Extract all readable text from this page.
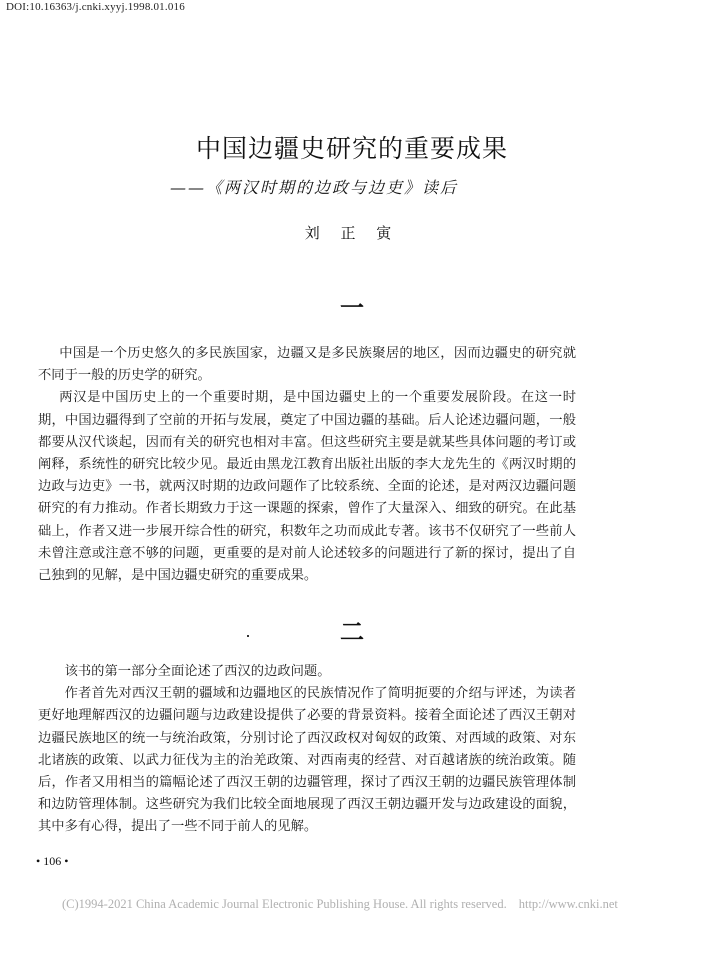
DOI:10.16363/j.cnki.xyyj.1998.01.016
中国边疆史研究的重要成果
——《两汉时期的边政与边吏》读后
刘 正 寅
一

中国是一个历史悠久的多民族国家，边疆又是多民族聚居的地区，因而边疆史的研究就不同于一般的历史学的研究。

两汉是中国历史上的一个重要时期，是中国边疆史上的一个重要发展阶段。在这一时期，中国边疆得到了空前的开拓与发展，奠定了中国边疆的基础。后人论述边疆问题，一般都要从汉代谈起，因而有关的研究也相对丰富。但这些研究主要是就某些具体问题的考订或阐释，系统性的研究比较少见。最近由黑龙江教育出版社出版的李大龙先生的《两汉时期的边政与边吏》一书，就两汉时期的边政问题作了比较系统、全面的论述，是对两汉边疆问题研究的有力推动。作者长期致力于这一课题的探索，曾作了大量深入、细致的研究。在此基础上，作者又进一步展开综合性的研究，积数年之功而成此专著。该书不仅研究了一些前人未曾注意或注意不够的问题，更重要的是对前人论述较多的问题进行了新的探讨，提出了自己独到的见解，是中国边疆史研究的重要成果。

二

该书的第一部分全面论述了西汉的边政问题。

作者首先对西汉王朝的疆域和边疆地区的民族情况作了简明扼要的介绍与评述，为读者更好地理解西汉的边疆问题与边政建设提供了必要的背景资料。接着全面论述了西汉王朝对边疆民族地区的统一与统治政策，分别讨论了西汉政权对匈奴的政策、对西域的政策、对东北诸族的政策、以武力征伐为主的治羌政策、对西南夷的经营、对百越诸族的统治政策。随后，作者又用相当的篇幅论述了西汉王朝的边疆管理，探讨了西汉王朝的边疆民族管理体制和边防管理体制。这些研究为我们比较全面地展现了西汉王朝边疆开发与边政建设的面貌，其中多有心得，提出了一些不同于前人的见解。

• 106 •
(C)1994-2021 China Academic Journal Electronic Publishing House. All rights reserved. http://www.cnki.net
